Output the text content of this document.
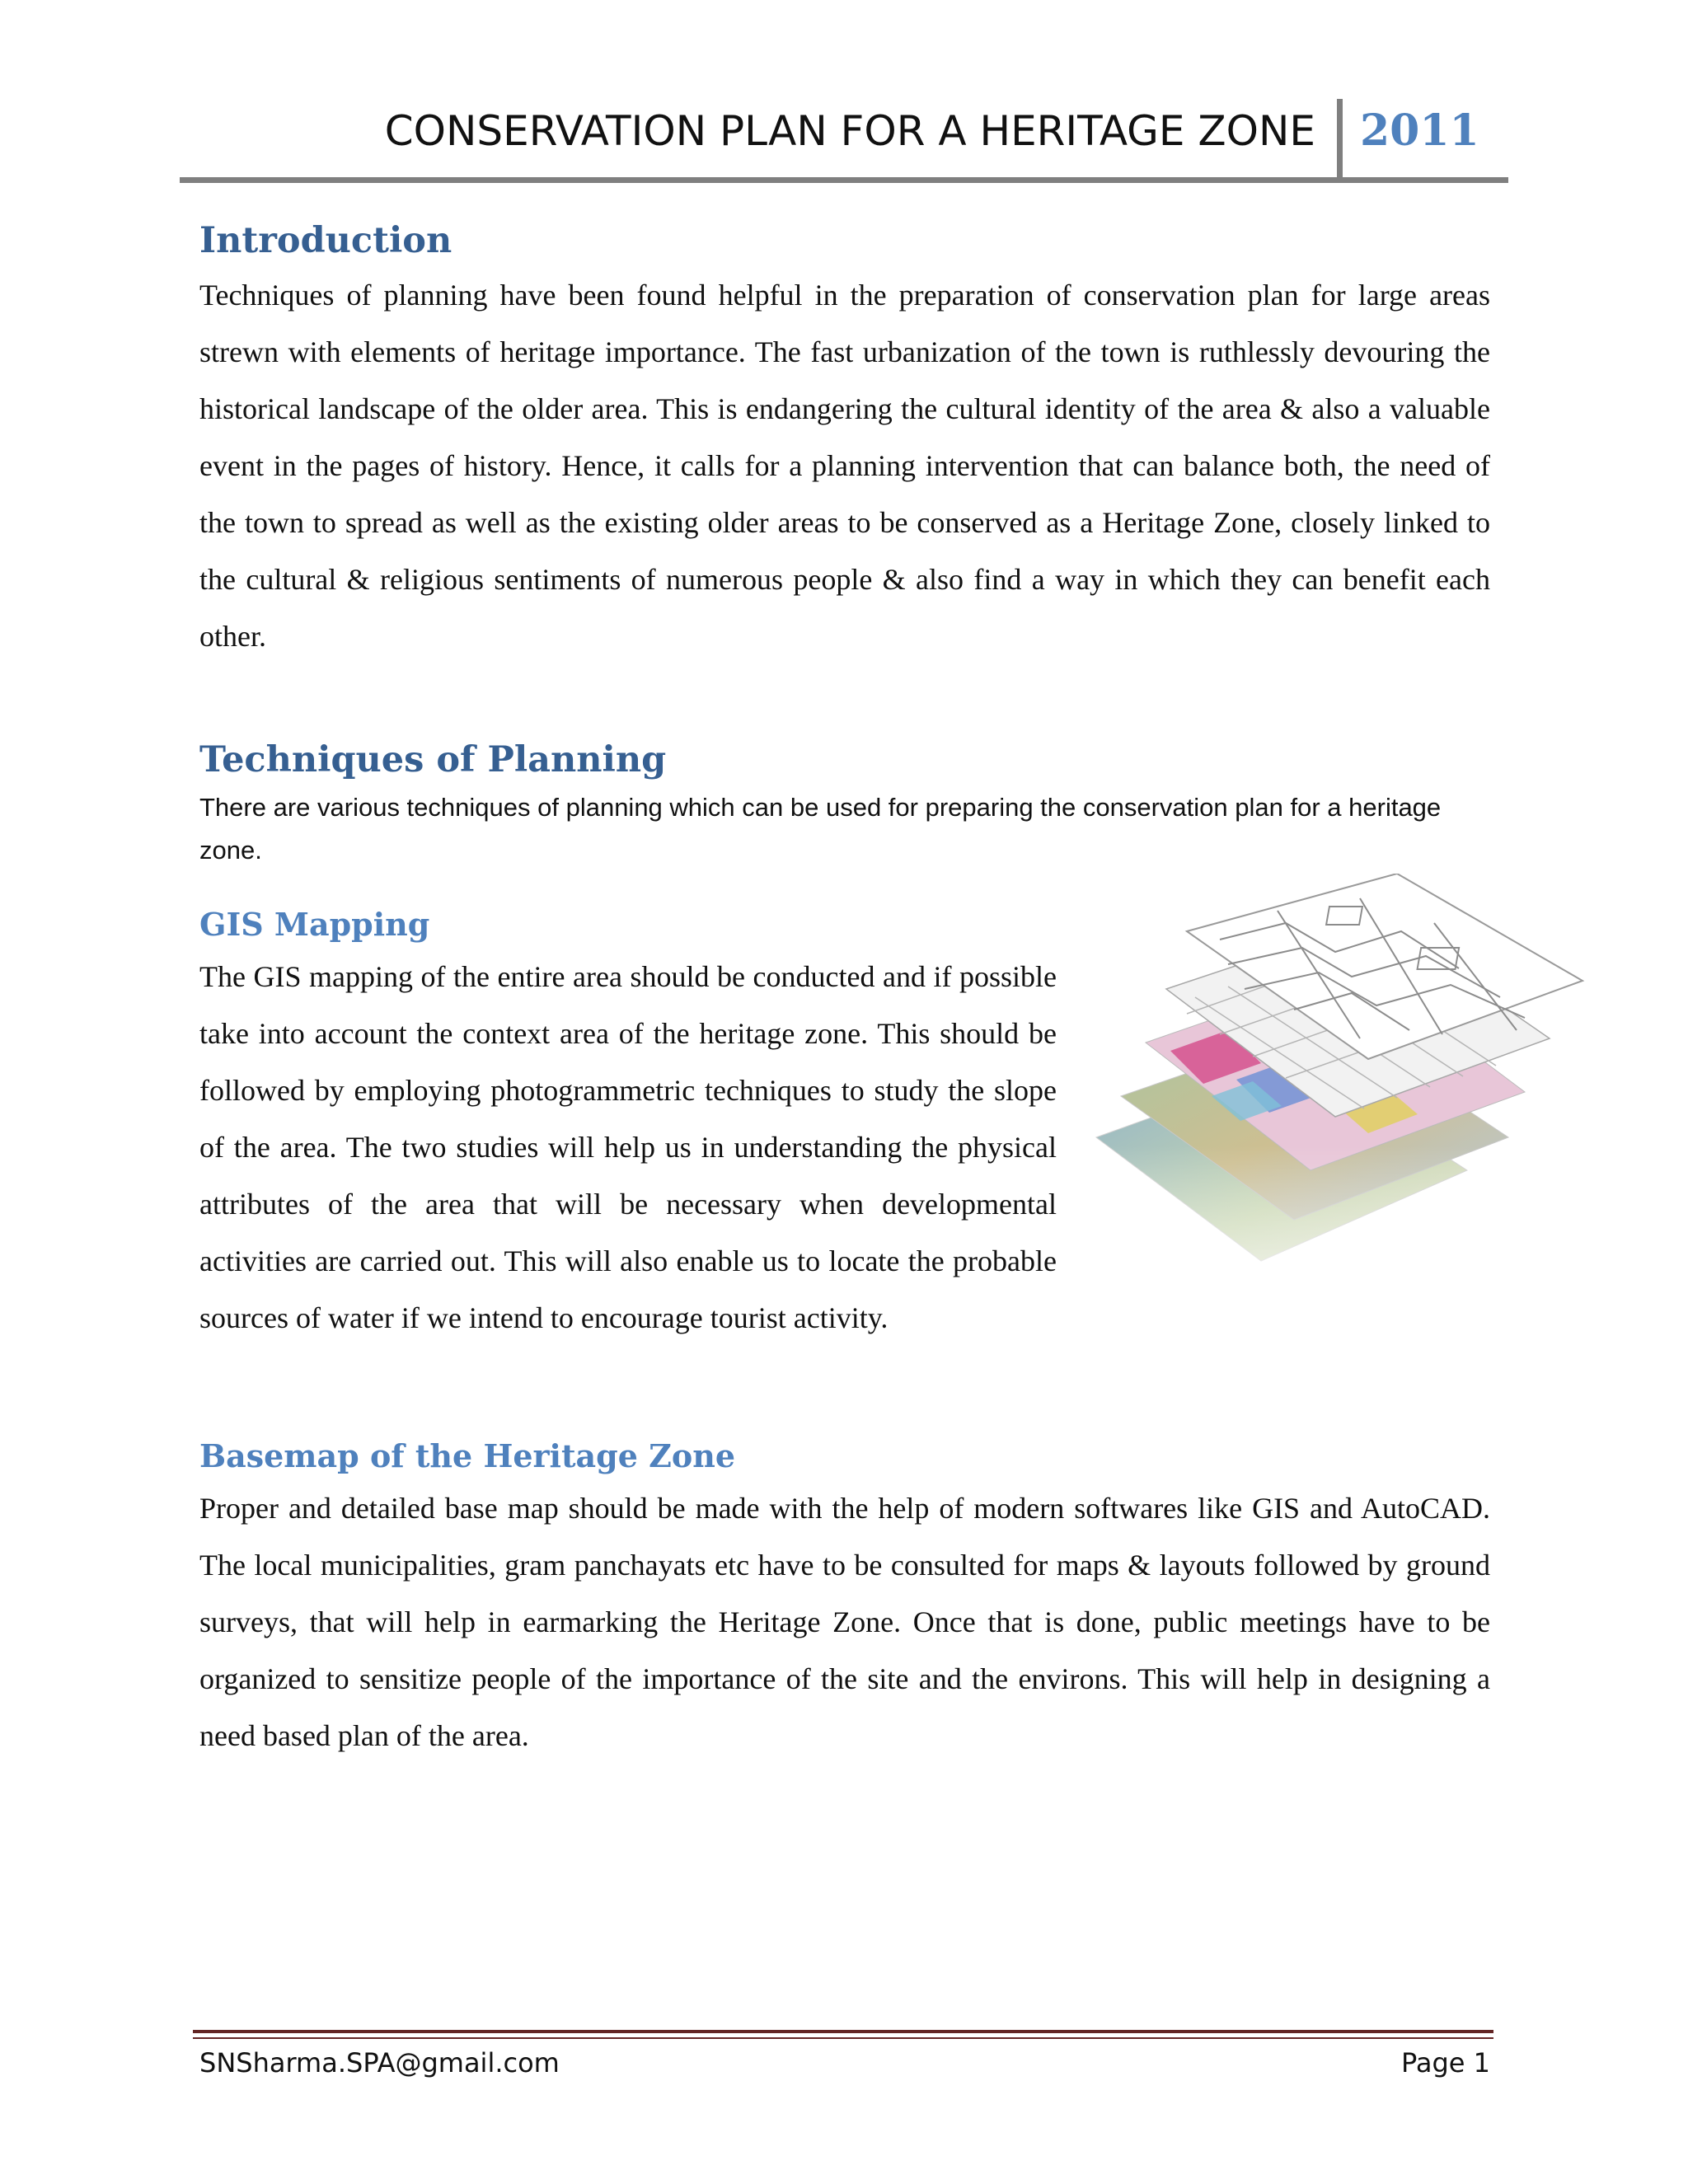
CONSERVATION PLAN FOR A HERITAGE ZONE 2011
Introduction

Techniques of planning have been found helpful in the preparation of conservation plan for large areas strewn with elements of heritage importance. The fast urbanization of the town is ruthlessly devouring the historical landscape of the older area. This is endangering the cultural identity of the area & also a valuable event in the pages of history. Hence, it calls for a planning intervention that can balance both, the need of the town to spread as well as the existing older areas to be conserved as a Heritage Zone, closely linked to the cultural & religious sentiments of numerous people & also find a way in which they can benefit each other.

Techniques of Planning

There are various techniques of planning which can be used for preparing the conservation plan for a heritage zone.

GIS Mapping

The GIS mapping of the entire area should be conducted and if possible take into account the context area of the heritage zone. This should be followed by employing photogrammetric techniques to study the slope of the area. The two studies will help us in understanding the physical attributes of the area that will be necessary when developmental activities are carried out. This will also enable us to locate the probable sources of water if we intend to encourage tourist activity.

Basemap of the Heritage Zone

Proper and detailed base map should be made with the help of modern softwares like GIS and AutoCAD. The local municipalities, gram panchayats etc have to be consulted for maps & layouts followed by ground surveys, that will help in earmarking the Heritage Zone. Once that is done, public meetings have to be organized to sensitize people of the importance of the site and the environs. This will help in designing a need based plan of the area.

SNSharma.SPA@gmail.com	Page 1
